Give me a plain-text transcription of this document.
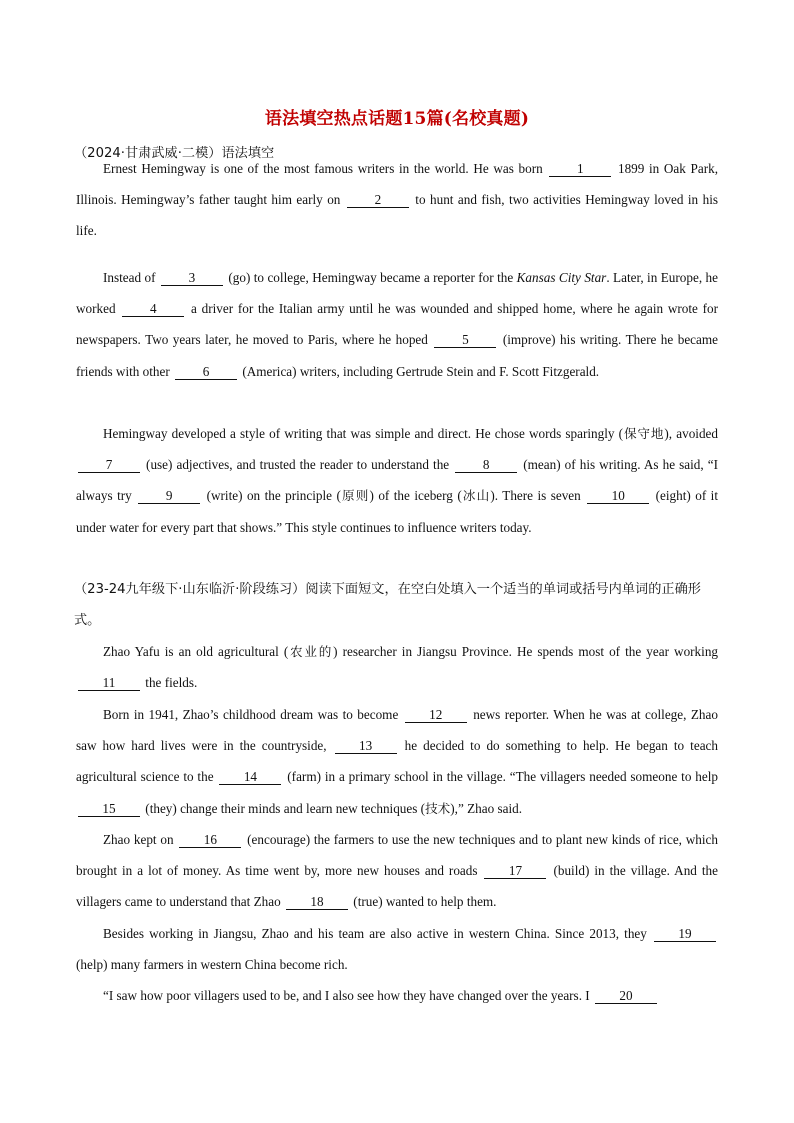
语法填空热点话题15篇(名校真题)
（2024·甘肃武威·二模）语法填空

Ernest Hemingway is one of the most famous writers in the world. He was born 1 1899 in Oak Park, Illinois. Hemingway’s father taught him early on 2 to hunt and fish, two activities Hemingway loved in his life.

Instead of 3 (go) to college, Hemingway became a reporter for the Kansas City Star. Later, in Europe, he worked 4 a driver for the Italian army until he was wounded and shipped home, where he again wrote for newspapers. Two years later, he moved to Paris, where he hoped 5 (improve) his writing. There he became friends with other 6 (America) writers, including Gertrude Stein and F. Scott Fitzgerald.

Hemingway developed a style of writing that was simple and direct. He chose words sparingly (保守地), avoided 7 (use) adjectives, and trusted the reader to understand the 8 (mean) of his writing. As he said, “I always try 9 (write) on the principle (原则) of the iceberg (冰山). There is seven 10 (eight) of it under water for every part that shows.” This style continues to influence writers today.

（23-24九年级下·山东临沂·阶段练习）阅读下面短文，在空白处填入一个适当的单词或括号内单词的正确形式。

Zhao Yafu is an old agricultural (农业的) researcher in Jiangsu Province. He spends most of the year working 11 the fields.

Born in 1941, Zhao’s childhood dream was to become 12 news reporter. When he was at college, Zhao saw how hard lives were in the countryside, 13 he decided to do something to help. He began to teach agricultural science to the 14 (farm) in a primary school in the village. “The villagers needed someone to help 15 (they) change their minds and learn new techniques (技术),” Zhao said.

Zhao kept on 16 (encourage) the farmers to use the new techniques and to plant new kinds of rice, which brought in a lot of money. As time went by, more new houses and roads 17 (build) in the village. And the villagers came to understand that Zhao 18 (true) wanted to help them.

Besides working in Jiangsu, Zhao and his team are also active in western China. Since 2013, they 19 (help) many farmers in western China become rich.

“I saw how poor villagers used to be, and I also see how they have changed over the years. I 20
